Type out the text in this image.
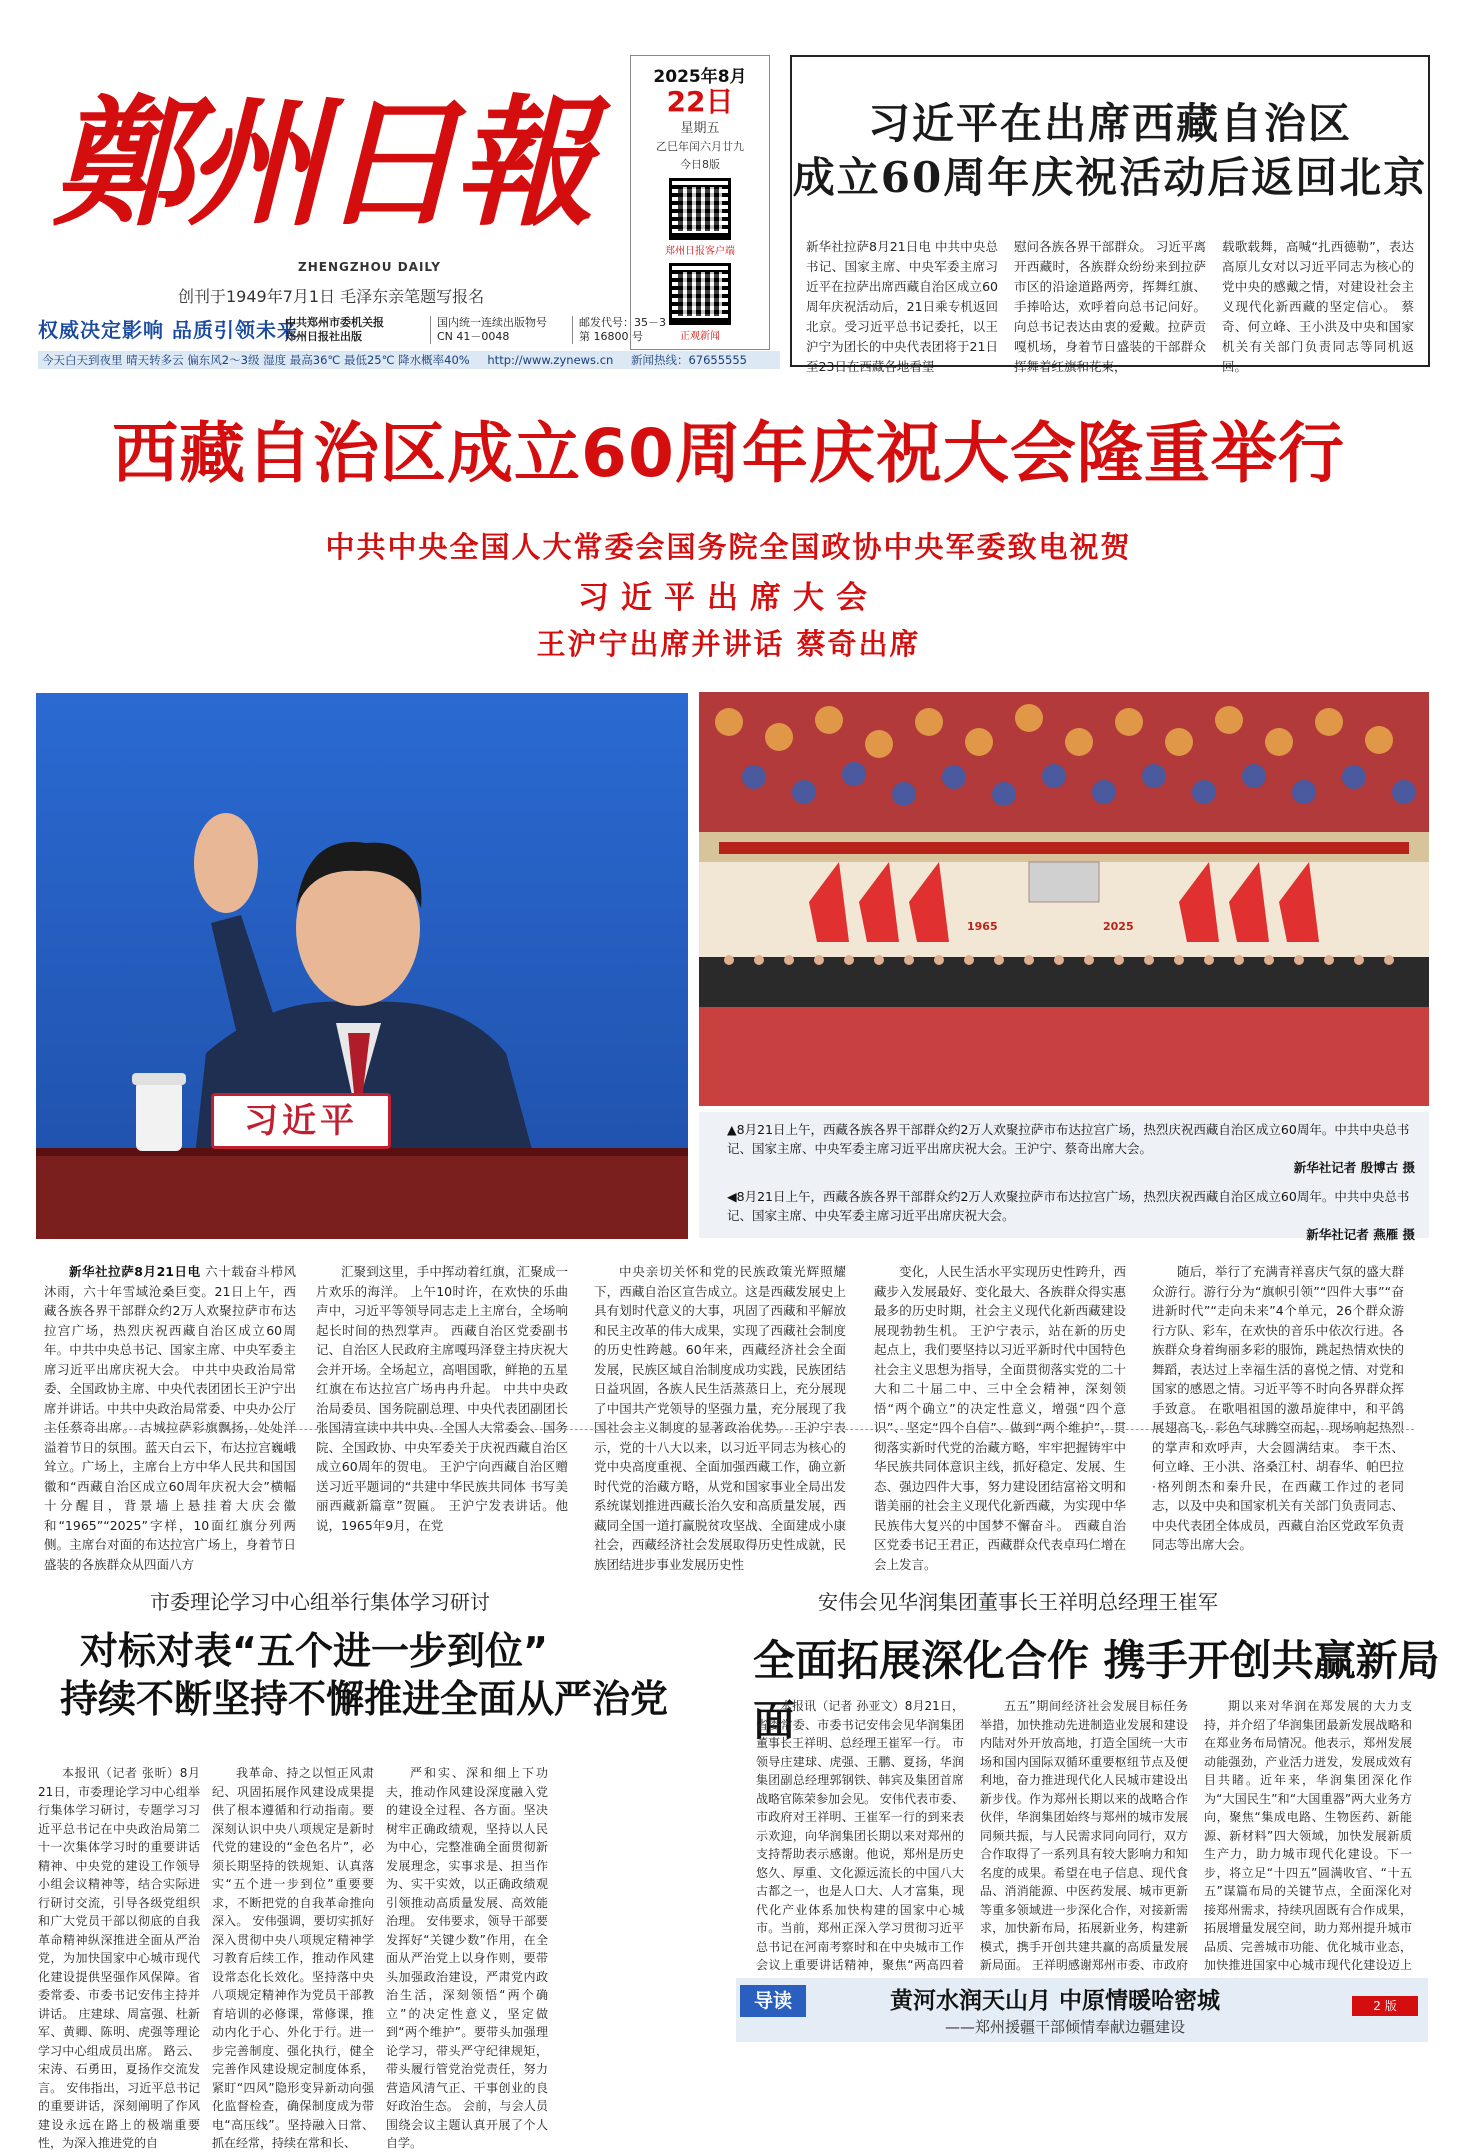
鄭州日報
ZHENGZHOU DAILY
创刊于1949年7月1日 毛泽东亲笔题写报名
2025年8月
22日
星期五
乙巳年闰六月廿九
今日8版
郑州日报客户端
正观新闻
习近平在出席西藏自治区
成立60周年庆祝活动后返回北京
新华社拉萨8月21日电 中共中央总书记、国家主席、中央军委主席习近平在拉萨出席西藏自治区成立60周年庆祝活动后，21日乘专机返回北京。受习近平总书记委托，以王沪宁为团长的中央代表团将于21日至23日在西藏各地看望
慰问各族各界干部群众。 习近平离开西藏时，各族群众纷纷来到拉萨市区的沿途道路两旁，挥舞红旗、手捧哈达，欢呼着向总书记问好。向总书记表达由衷的爱戴。拉萨贡嘎机场，身着节日盛装的干部群众挥舞着红旗和花束，
载歌载舞，高喊“扎西德勒”，表达高原儿女对以习近平同志为核心的党中央的感戴之情，对建设社会主义现代化新西藏的坚定信心。 蔡奇、何立峰、王小洪及中央和国家机关有关部门负责同志等同机返回。
权威决定影响 品质引领未来
中共郑州市委机关报
郑州日报社出版
国内统一连续出版物号
CN 41－0048
邮发代号：35－3
第 16800 号
今天白天到夜里 晴天转多云 偏东风2～3级 湿度 最高36℃ 最低25℃ 降水概率40% http://www.zynews.cn 新闻热线：67655555
西藏自治区成立60周年庆祝大会隆重举行
中共中央全国人大常委会国务院全国政协中央军委致电祝贺
习近平出席大会
王沪宁出席并讲话 蔡奇出席
习近平
1965	2025

▲8月21日上午，西藏各族各界干部群众约2万人欢聚拉萨市布达拉宫广场，热烈庆祝西藏自治区成立60周年。中共中央总书记、国家主席、中央军委主席习近平出席庆祝大会。王沪宁、蔡奇出席大会。
新华社记者 殷博古 摄

◀8月21日上午，西藏各族各界干部群众约2万人欢聚拉萨市布达拉宫广场，热烈庆祝西藏自治区成立60周年。中共中央总书记、国家主席、中央军委主席习近平出席庆祝大会。
新华社记者 燕雁 摄

新华社拉萨8月21日电 六十载奋斗栉风沐雨，六十年雪域沧桑巨变。21日上午，西藏各族各界干部群众约2万人欢聚拉萨市布达拉宫广场，热烈庆祝西藏自治区成立60周年。中共中央总书记、国家主席、中央军委主席习近平出席庆祝大会。 中共中央政治局常委、全国政协主席、中央代表团团长王沪宁出席并讲话。中共中央政治局常委、中央办公厅主任蔡奇出席。 古城拉萨彩旗飘扬，处处洋溢着节日的氛围。蓝天白云下，布达拉宫巍峨耸立。广场上，主席台上方中华人民共和国国徽和“西藏自治区成立60周年庆祝大会”横幅十分醒目，背景墙上悬挂着大庆会徽和“1965”“2025”字样，10面红旗分列两侧。主席台对面的布达拉宫广场上，身着节日盛装的各族群众从四面八方

汇聚到这里，手中挥动着红旗，汇聚成一片欢乐的海洋。 上午10时许，在欢快的乐曲声中，习近平等领导同志走上主席台，全场响起长时间的热烈掌声。 西藏自治区党委副书记、自治区人民政府主席嘎玛泽登主持庆祝大会并开场。全场起立，高唱国歌，鲜艳的五星红旗在布达拉宫广场冉冉升起。 中共中央政治局委员、国务院副总理、中央代表团副团长张国清宣读中共中央、全国人大常委会、国务院、全国政协、中央军委关于庆祝西藏自治区成立60周年的贺电。 王沪宁向西藏自治区赠送习近平题词的“共建中华民族共同体 书写美丽西藏新篇章”贺匾。 王沪宁发表讲话。他说，1965年9月，在党

中央亲切关怀和党的民族政策光辉照耀下，西藏自治区宣告成立。这是西藏发展史上具有划时代意义的大事，巩固了西藏和平解放和民主改革的伟大成果，实现了西藏社会制度的历史性跨越。60年来，西藏经济社会全面发展，民族区域自治制度成功实践，民族团结日益巩固，各族人民生活蒸蒸日上，充分展现了中国共产党领导的坚强力量，充分展现了我国社会主义制度的显著政治优势。 王沪宁表示，党的十八大以来，以习近平同志为核心的党中央高度重视、全面加强西藏工作，确立新时代党的治藏方略，从党和国家事业全局出发系统谋划推进西藏长治久安和高质量发展，西藏同全国一道打赢脱贫攻坚战、全面建成小康社会，西藏经济社会发展取得历史性成就，民族团结进步事业发展历史性

变化，人民生活水平实现历史性跨升，西藏步入发展最好、变化最大、各族群众得实惠最多的历史时期，社会主义现代化新西藏建设展现勃勃生机。 王沪宁表示，站在新的历史起点上，我们要坚持以习近平新时代中国特色社会主义思想为指导，全面贯彻落实党的二十大和二十届二中、三中全会精神，深刻领悟“两个确立”的决定性意义，增强“四个意识”、坚定“四个自信”、做到“两个维护”，贯彻落实新时代党的治藏方略，牢牢把握铸牢中华民族共同体意识主线，抓好稳定、发展、生态、强边四件大事，努力建设团结富裕文明和谐美丽的社会主义现代化新西藏，为实现中华民族伟大复兴的中国梦不懈奋斗。 西藏自治区党委书记王君正，西藏群众代表卓玛仁增在会上发言。

随后，举行了充满青祥喜庆气氛的盛大群众游行。游行分为“旗帜引领”“四件大事”“奋进新时代”“走向未来”4个单元，26个群众游行方队、彩车，在欢快的音乐中依次行进。各族群众身着绚丽多彩的服饰，跳起热情欢快的舞蹈，表达过上幸福生活的喜悦之情、对党和国家的感恩之情。习近平等不时向各界群众挥手致意。 在歌唱祖国的激昂旋律中，和平鸽展翅高飞，彩色气球腾空而起，现场响起热烈的掌声和欢呼声，大会圆满结束。 李干杰、何立峰、王小洪、洛桑江村、胡春华、帕巴拉·格列朗杰和秦升民，在西藏工作过的老同志，以及中央和国家机关有关部门负责同志、中央代表团全体成员，西藏自治区党政军负责同志等出席大会。

市委理论学习中心组举行集体学习研讨
对标对表“五个进一步到位”
持续不断坚持不懈推进全面从严治党

本报讯（记者 张昕）8月21日，市委理论学习中心组举行集体学习研讨，专题学习习近平总书记在中央政治局第二十一次集体学习时的重要讲话精神、中央党的建设工作领导小组会议精神等，结合实际进行研讨交流，引导各级党组织和广大党员干部以彻底的自我革命精神纵深推进全面从严治党，为加快国家中心城市现代化建设提供坚强作风保障。省委常委、市委书记安伟主持并讲话。 庄建球、周富强、杜新军、黄卿、陈明、虎强等理论学习中心组成员出席。 路云、宋涛、石勇田，夏扬作交流发言。 安伟指出，习近平总书记的重要讲话，深刻阐明了作风建设永远在路上的极端重要性，为深入推进党的自

我革命、持之以恒正风肃纪、巩固拓展作风建设成果提供了根本遵循和行动指南。要深刻认识中央八项规定是新时代党的建设的“金色名片”，必须长期坚持的铁规矩、认真落实“五个进一步到位”重要要求，不断把党的自我革命推向深入。 安伟强调，要切实抓好深入贯彻中央八项规定精神学习教育后续工作，推动作风建设常态化长效化。坚持落中央八项规定精神作为党员干部教育培训的必修课，常修课，推动内化于心、外化于行。进一步完善制度、强化执行，健全完善作风建设规定制度体系，紧盯“四风”隐形变异新动向强化监督检查，确保制度成为带电“高压线”。坚持融入日常、抓在经常，持续在常和长、

严和实、深和细上下功夫，推动作风建设深度融入党的建设全过程、各方面。坚决树牢正确政绩观，坚持以人民为中心，完整准确全面贯彻新发展理念，实事求是、担当作为、实干实效，以正确政绩观引领推动高质量发展、高效能治理。 安伟要求，领导干部要发挥好“关键少数”作用，在全面从严治党上以身作则，要带头加强政治建设，严肃党内政治生活，深刻领悟“两个确立”的决定性意义，坚定做到“两个维护”。要带头加强理论学习，带头严守纪律规矩，带头履行管党治党责任，努力营造风清气正、干事创业的良好政治生态。 会前，与会人员围绕会议主题认真开展了个人自学。

安伟会见华润集团董事长王祥明总经理王崔军
全面拓展深化合作 携手开创共赢新局面

本报讯（记者 孙亚文）8月21日，省委常委、市委书记安伟会见华润集团董事长王祥明、总经理王崔军一行。 市领导庄建球、虎强、王鹏、夏扬，华润集团副总经理郭钢铁、韩宾及集团首席战略官陈荣参加会见。 安伟代表市委、市政府对王祥明、王崔军一行的到来表示欢迎，向华润集团长期以来对郑州的支持帮助表示感谢。他说，郑州是历史悠久、厚重、文化源远流长的中国八大古都之一，也是人口大、人才富集，现代化产业体系加快构建的国家中心城市。当前，郑州正深入学习贯彻习近平总书记在河南考察时和在中央城市工作会议上重要讲话精神，聚焦“两高四着

五五”期间经济社会发展目标任务举措，加快推动先进制造业发展和建设内陆对外开放高地，打造全国统一大市场和国内国际双循环重要枢纽节点及便利地，奋力推进现代化人民城市建设出新步伐。作为郑州长期以来的战略合作伙伴，华润集团始终与郑州的城市发展同频共振，与人民需求同向同行，双方合作取得了一系列具有较大影响力和知名度的成果。希望在电子信息、现代食品、消消能源、中医药发展、城市更新等重多领域进一步深化合作，对接新需求，加快新布局，拓展新业务，构建新模式，携手开创共建共赢的高质量发展新局面。 王祥明感谢郑州市委、市政府

期以来对华润在郑发展的大力支持，并介绍了华润集团最新发展战略和在郑业务布局情况。他表示，郑州发展动能强劲，产业活力迸发，发展成效有目共睹。近年来，华润集团深化作为“大国民生”和“大国重器”两大业务方向，聚焦“集成电路、生物医药、新能源、新材料”四大领域，加快发展新质生产力，助力城市现代化建设。下一步，将立足“十四五”圆满收官、“十五五”谋篇布局的关键节点，全面深化对接郑州需求，持续巩固既有合作成果，拓展增量发展空间，助力郑州提升城市品质、完善城市功能、优化城市业态，加快推进国家中心城市现代化建设迈上

导读	黄河水润天山月 中原情暖哈密城
——郑州援疆干部倾情奉献边疆建设
2 版
